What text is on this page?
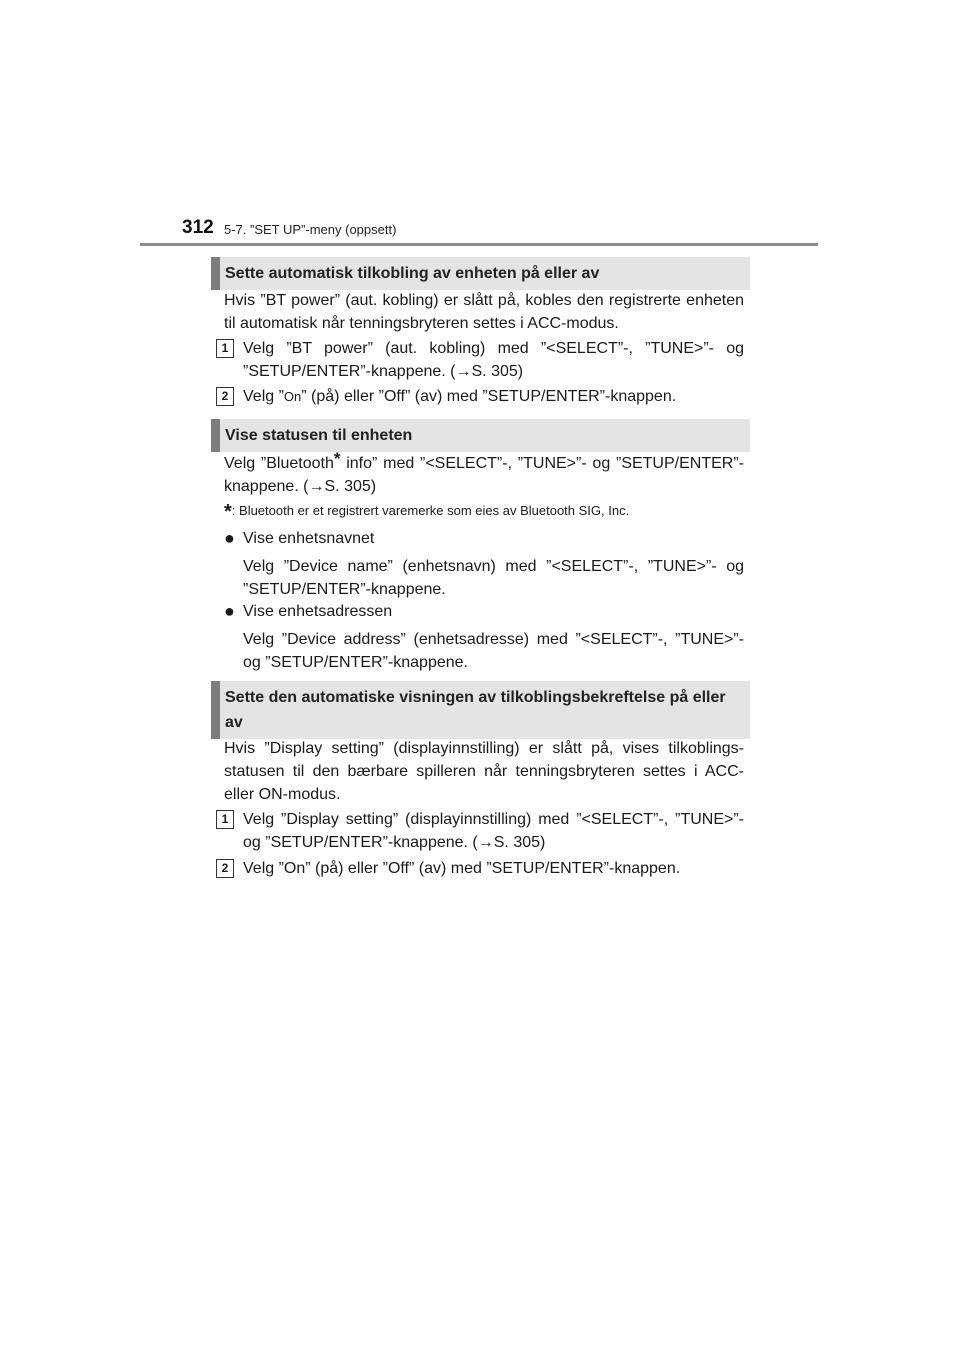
312 5-7. ”SET UP”-meny (oppsett)
Sette automatisk tilkobling av enheten på eller av
Hvis ”BT power” (aut. kobling) er slått på, kobles den registrerte enheten til automatisk når tenningsbryteren settes i ACC-modus.
1 Velg ”BT power” (aut. kobling) med ”<SELECT”-, ”TUNE>”- og ”SETUP/ENTER”-knappene. (→S. 305)
2 Velg ”On” (på) eller ”Off” (av) med ”SETUP/ENTER”-knappen.
Vise statusen til enheten
Velg ”Bluetooth* info” med ”<SELECT”-, ”TUNE>”- og ”SETUP/ENTER”-knappene. (→S. 305)
*: Bluetooth er et registrert varemerke som eies av Bluetooth SIG, Inc.
● Vise enhetsnavnet
Velg ”Device name” (enhetsnavn) med ”<SELECT”-, ”TUNE>”- og ”SETUP/ENTER”-knappene.
● Vise enhetsadressen
Velg ”Device address” (enhetsadresse) med ”<SELECT”-, ”TUNE>”- og ”SETUP/ENTER”-knappene.
Sette den automatiske visningen av tilkoblingsbekreftelse på eller av
Hvis ”Display setting” (displayinnstilling) er slått på, vises tilkoblings-statusen til den bærbare spilleren når tenningsbryteren settes i ACC- eller ON-modus.
1 Velg ”Display setting” (displayinnstilling) med ”<SELECT”-, ”TUNE>”- og ”SETUP/ENTER”-knappene. (→S. 305)
2 Velg ”On” (på) eller ”Off” (av) med ”SETUP/ENTER”-knappen.
